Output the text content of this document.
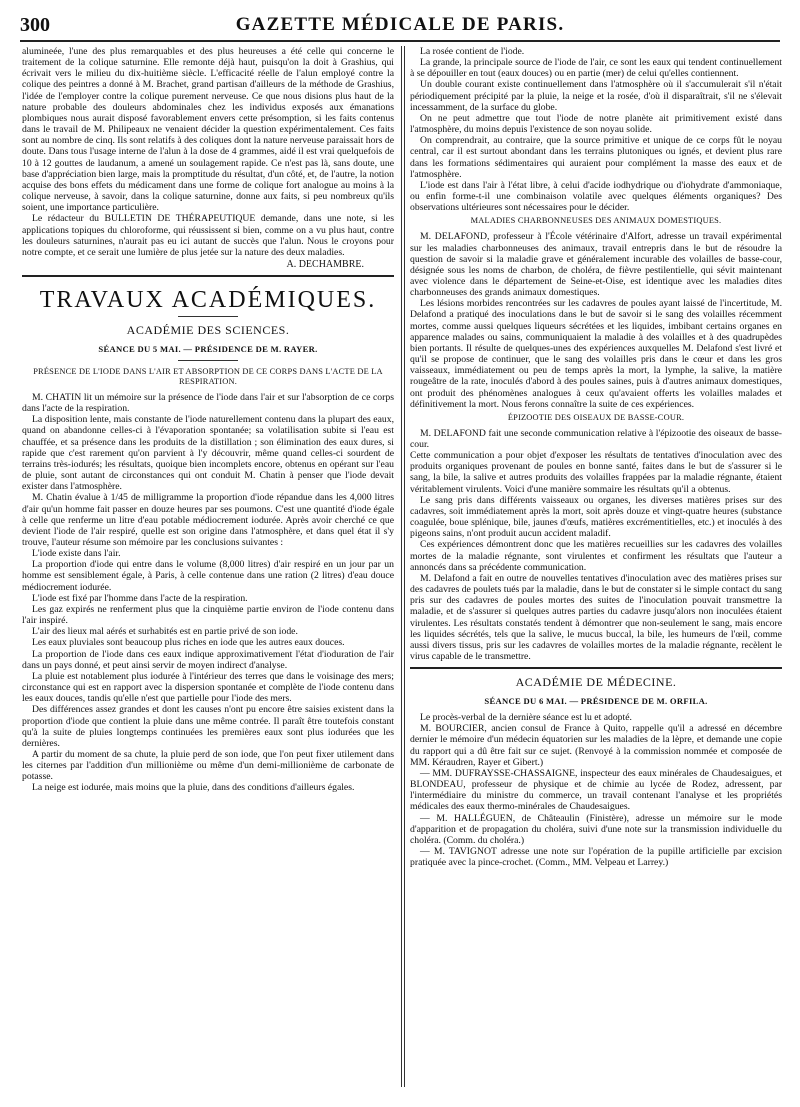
300	GAZETTE MÉDICALE DE PARIS.

alumineée, l'une des plus remarquables et des plus heureuses a été celle qui concerne le traitement de la colique saturnine. Elle remonte déjà haut, puisqu'on la doit à Grashius, qui écrivait vers le milieu du dix-huitième siècle. L'efficacité réelle de l'alun employé contre la colique des peintres a donné à M. Brachet, grand partisan d'ailleurs de la méthode de Grashius, l'idée de l'employer contre la colique purement nerveuse. Ce que nous disions plus haut de la nature probable des douleurs abdominales chez les individus exposés aux émanations plombiques nous aurait disposé favorablement envers cette présomption, si les faits contenus dans le travail de M. Philipeaux ne venaient décider la question expérimentalement. Ces faits sont au nombre de cinq. Ils sont relatifs à des coliques dont la nature nerveuse paraissait hors de doute. Dans tous l'usage interne de l'alun à la dose de 4 grammes, aidé il est vrai quelquefois de 10 à 12 gouttes de laudanum, a amené un soulagement rapide. Ce n'est pas là, sans doute, une base d'appréciation bien large, mais la promptitude du résultat, d'un côté, et, de l'autre, la notion acquise des bons effets du médicament dans une forme de colique fort analogue au moins à la colique nerveuse, à savoir, dans la colique saturnine, donne aux faits, si peu nombreux qu'ils soient, une importance particulière.

Le rédacteur du BULLETIN DE THÉRAPEUTIQUE demande, dans une note, si les applications topiques du chloroforme, qui réussissent si bien, comme on a vu plus haut, contre les douleurs saturnines, n'aurait pas eu ici autant de succès que l'alun. Nous le croyons pour notre compte, et ce serait une lumière de plus jetée sur la nature des deux maladies.

A. DECHAMBRE.
TRAVAUX ACADÉMIQUES.
ACADÉMIE DES SCIENCES.
SÉANCE DU 5 MAI. — PRÉSIDENCE DE M. RAYER.
PRÉSENCE DE L'IODE DANS L'AIR ET ABSORPTION DE CE CORPS DANS L'ACTE DE LA RESPIRATION.

M. CHATIN lit un mémoire sur la présence de l'iode dans l'air et sur l'absorption de ce corps dans l'acte de la respiration.

La disposition lente, mais constante de l'iode naturellement contenu dans la plupart des eaux, quand on abandonne celles-ci à l'évaporation spontanée; sa volatilisation subite si l'eau est chauffée, et sa présence dans les produits de la distillation ; son élimination des eaux dures, si rapide que c'est rarement qu'on parvient à l'y découvrir, même quand celles-ci sourdent de terrains très-iodurés; les résultats, quoique bien incomplets encore, obtenus en opérant sur l'eau de pluie, sont autant de circonstances qui ont conduit M. Chatin à penser que l'iode devait exister dans l'atmosphère.

M. Chatin évalue à 1/45 de milligramme la proportion d'iode répandue dans les 4,000 litres d'air qu'un homme fait passer en douze heures par ses poumons. C'est une quantité d'iode égale à celle que renferme un litre d'eau potable médiocrement iodurée. Après avoir cherché ce que devient l'iode de l'air respiré, quelle est son origine dans l'atmosphère, et dans quel état il s'y trouve, l'auteur résume son mémoire par les conclusions suivantes :

L'iode existe dans l'air.

La proportion d'iode qui entre dans le volume (8,000 litres) d'air respiré en un jour par un homme est sensiblement égale, à Paris, à celle contenue dans une ration (2 litres) d'eau douce médiocrement iodurée.

L'iode est fixé par l'homme dans l'acte de la respiration.

Les gaz expirés ne renferment plus que la cinquième partie environ de l'iode contenu dans l'air inspiré.

L'air des lieux mal aérés et surhabités est en partie privé de son iode.

Les eaux pluviales sont beaucoup plus riches en iode que les autres eaux douces.

La proportion de l'iode dans ces eaux indique approximativement l'état d'ioduration de l'air dans un pays donné, et peut ainsi servir de moyen indirect d'analyse.

La pluie est notablement plus iodurée à l'intérieur des terres que dans le voisinage des mers; circonstance qui est en rapport avec la dispersion spontanée et complète de l'iode contenu dans les eaux douces, tandis qu'elle n'est que partielle pour l'iode des mers.

Des différences assez grandes et dont les causes n'ont pu encore être saisies existent dans la proportion d'iode que contient la pluie dans une même contrée. Il paraît être toutefois constant qu'à la suite de pluies longtemps continuées les premières eaux sont plus iodurées que les dernières.

A partir du moment de sa chute, la pluie perd de son iode, que l'on peut fixer utilement dans les citernes par l'addition d'un millionième ou même d'un demi-millionième de carbonate de potasse.

La neige est iodurée, mais moins que la pluie, dans des conditions d'ailleurs égales.

La rosée contient de l'iode.

La grande, la principale source de l'iode de l'air, ce sont les eaux qui tendent continuellement à se dépouiller en tout (eaux douces) ou en partie (mer) de celui qu'elles contiennent.

Un double courant existe continuellement dans l'atmosphère où il s'accumulerait s'il n'était périodiquement précipité par la pluie, la neige et la rosée, d'où il disparaîtrait, s'il ne s'élevait incessamment, de la surface du globe.

On ne peut admettre que tout l'iode de notre planète ait primitivement existé dans l'atmosphère, du moins depuis l'existence de son noyau solide.

On comprendrait, au contraire, que la source primitive et unique de ce corps fût le noyau central, car il est surtout abondant dans les terrains plutoniques ou ignés, et devient plus rare dans les formations sédimentaires qui auraient pour complément la masse des eaux et de l'atmosphère.

L'iode est dans l'air à l'état libre, à celui d'acide iodhydrique ou d'iohydrate d'ammoniaque, ou enfin forme-t-il une combinaison volatile avec quelques éléments organiques? Des observations ultérieures sont nécessaires pour le décider.

MALADIES CHARBONNEUSES DES ANIMAUX DOMESTIQUES.

M. DELAFOND, professeur à l'École vétérinaire d'Alfort, adresse un travail expérimental sur les maladies charbonneuses des animaux, travail entrepris dans le but de résoudre la question de savoir si la maladie grave et généralement incurable des volailles de basse-cour, désignée sous les noms de charbon, de choléra, de fièvre pestilentielle, qui sévit maintenant avec violence dans le département de Seine-et-Oise, est identique avec les maladies dites charbonneuses des grands animaux domestiques.

Les lésions morbides rencontrées sur les cadavres de poules ayant laissé de l'incertitude, M. Delafond a pratiqué des inoculations dans le but de savoir si le sang des volailles récemment mortes, comme aussi quelques liqueurs sécrétées et les liquides, imbibant certains organes en apparence malades ou sains, communiquaient la maladie à des volailles et à des quadrupèdes bien portants. Il résulte de quelques-unes des expériences auxquelles M. Delafond s'est livré et qu'il se propose de continuer, que le sang des volailles pris dans le cœur et dans les gros vaisseaux, immédiatement ou peu de temps après la mort, la lymphe, la salive, la matière rougeâtre de la rate, inoculés d'abord à des poules saines, puis à d'autres animaux domestiques, ont produit des phénomènes analogues à ceux qu'avaient offerts les volailles malades et définitivement la mort. Nous ferons connaître la suite de ces expériences.

ÉPIZOOTIE DES OISEAUX DE BASSE-COUR.

M. DELAFOND fait une seconde communication relative à l'épizootie des oiseaux de basse-cour.

Cette communication a pour objet d'exposer les résultats de tentatives d'inoculation avec des produits organiques provenant de poules en bonne santé, faites dans le but de s'assurer si le sang, la bile, la salive et autres produits des volailles frappées par la maladie régnante, étaient véritablement virulents. Voici d'une manière sommaire les résultats qu'il a obtenus.

Le sang pris dans différents vaisseaux ou organes, les diverses matières prises sur des cadavres, soit immédiatement après la mort, soit après douze et vingt-quatre heures (substance coagulée, boue splénique, bile, jaunes d'œufs, matières excrémentitielles, etc.) et inoculés à des pigeons sains, n'ont produit aucun accident maladif.

Ces expériences démontrent donc que les matières recueillies sur les cadavres des volailles mortes de la maladie régnante, sont virulentes et confirment les résultats que l'auteur a annoncés dans sa précédente communication.

M. Delafond a fait en outre de nouvelles tentatives d'inoculation avec des matières prises sur des cadavres de poulets tués par la maladie, dans le but de constater si le simple contact du sang pris sur des cadavres de poules mortes des suites de l'inoculation pouvait transmettre la maladie, et de s'assurer si quelques autres parties du cadavre jusqu'alors non inoculées étaient virulentes. Les résultats constatés tendent à démontrer que non-seulement le sang, mais encore les liquides sécrétés, tels que la salive, le mucus buccal, la bile, les humeurs de l'œil, comme aussi divers tissus, pris sur les cadavres de volailles mortes de la maladie régnante, recèlent le virus capable de le transmettre.

ACADÉMIE DE MÉDECINE.
SÉANCE DU 6 MAI. — PRÉSIDENCE DE M. ORFILA.

Le procès-verbal de la dernière séance est lu et adopté.

M. BOURCIER, ancien consul de France à Quito, rappelle qu'il a adressé en décembre dernier le mémoire d'un médecin équatorien sur les maladies de la lèpre, et demande une copie du rapport qui a dû être fait sur ce sujet. (Renvoyé à la commission nommée et composée de MM. Kéraudren, Rayer et Gibert.)

— MM. DUFRAYSSE-CHASSAIGNE, inspecteur des eaux minérales de Chaudesaigues, et BLONDEAU, professeur de physique et de chimie au lycée de Rodez, adressent, par l'intermédiaire du ministre du commerce, un travail contenant l'analyse et les propriétés médicales des eaux thermo-minérales de Chaudesaigues.

— M. HALLÉGUEN, de Châteaulin (Finistère), adresse un mémoire sur le mode d'apparition et de propagation du choléra, suivi d'une note sur la transmission individuelle du choléra. (Comm. du choléra.)

— M. TAVIGNOT adresse une note sur l'opération de la pupille artificielle par excision pratiquée avec la pince-crochet. (Comm., MM. Velpeau et Larrey.)
